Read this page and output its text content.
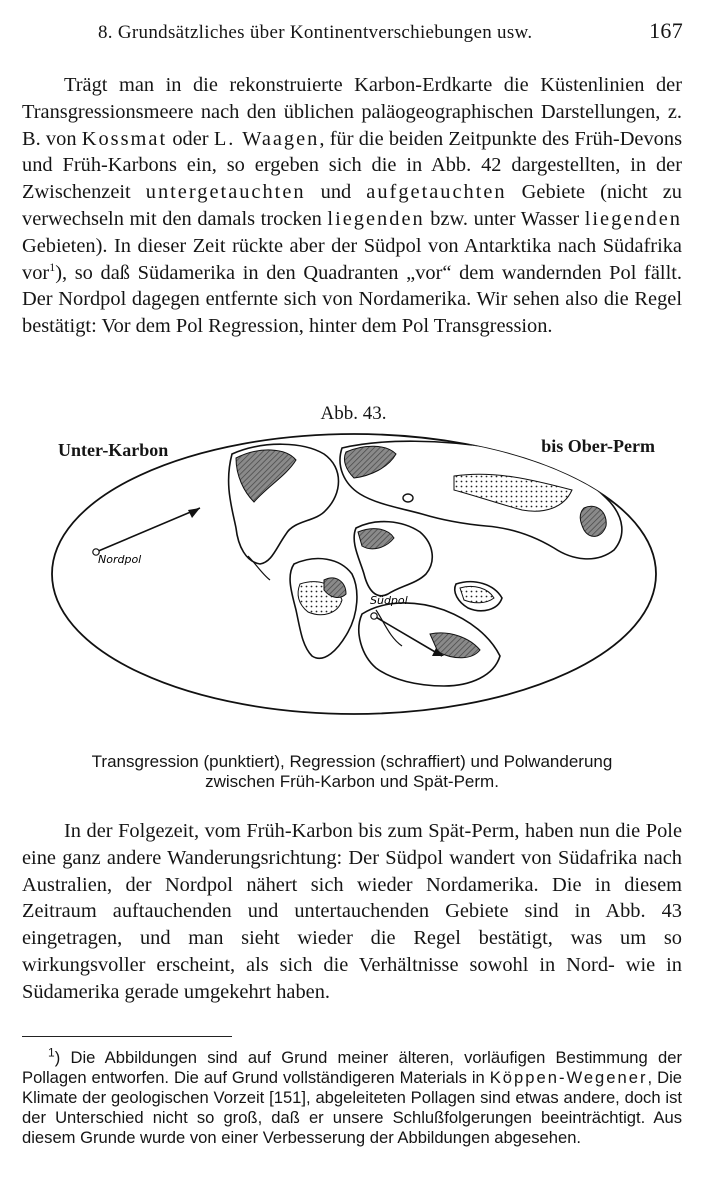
8. Grundsätzliches über Kontinentverschiebungen usw.	167

Trägt man in die rekonstruierte Karbon-Erdkarte die Küstenlinien der Transgressionsmeere nach den üblichen paläogeographischen Darstellungen, z. B. von Kossmat oder L. Waagen, für die beiden Zeitpunkte des Früh-Devons und Früh-Karbons ein, so ergeben sich die in Abb. 42 dargestellten, in der Zwischenzeit untergetauchten und aufgetauchten Gebiete (nicht zu verwechseln mit den damals trocken liegenden bzw. unter Wasser liegenden Gebieten). In dieser Zeit rückte aber der Südpol von Antarktika nach Südafrika vor$^1$), so daß Südamerika in den Quadranten „vor“ dem wandernden Pol fällt. Der Nordpol dagegen entfernte sich von Nordamerika. Wir sehen also die Regel bestätigt: Vor dem Pol Regression, hinter dem Pol Transgression.

Abb. 43.
Unter-Karbon	bis Ober-Perm
Nordpol
Südpol
Transgression (punktiert), Regression (schraffiert) und Polwanderung
zwischen Früh-Karbon und Spät-Perm.

In der Folgezeit, vom Früh-Karbon bis zum Spät-Perm, haben nun die Pole eine ganz andere Wanderungsrichtung: Der Südpol wandert von Südafrika nach Australien, der Nordpol nähert sich wieder Nordamerika. Die in diesem Zeitraum auftauchenden und untertauchenden Gebiete sind in Abb. 43 eingetragen, und man sieht wieder die Regel bestätigt, was um so wirkungsvoller erscheint, als sich die Verhältnisse sowohl in Nord- wie in Südamerika gerade umgekehrt haben.

$^1$) Die Abbildungen sind auf Grund meiner älteren, vorläufigen Bestimmung der Pollagen entworfen. Die auf Grund vollständigeren Materials in Köppen-Wegener, Die Klimate der geologischen Vorzeit [151], abgeleiteten Pollagen sind etwas andere, doch ist der Unterschied nicht so groß, daß er unsere Schlußfolgerungen beeinträchtigt. Aus diesem Grunde wurde von einer Verbesserung der Abbildungen abgesehen.
